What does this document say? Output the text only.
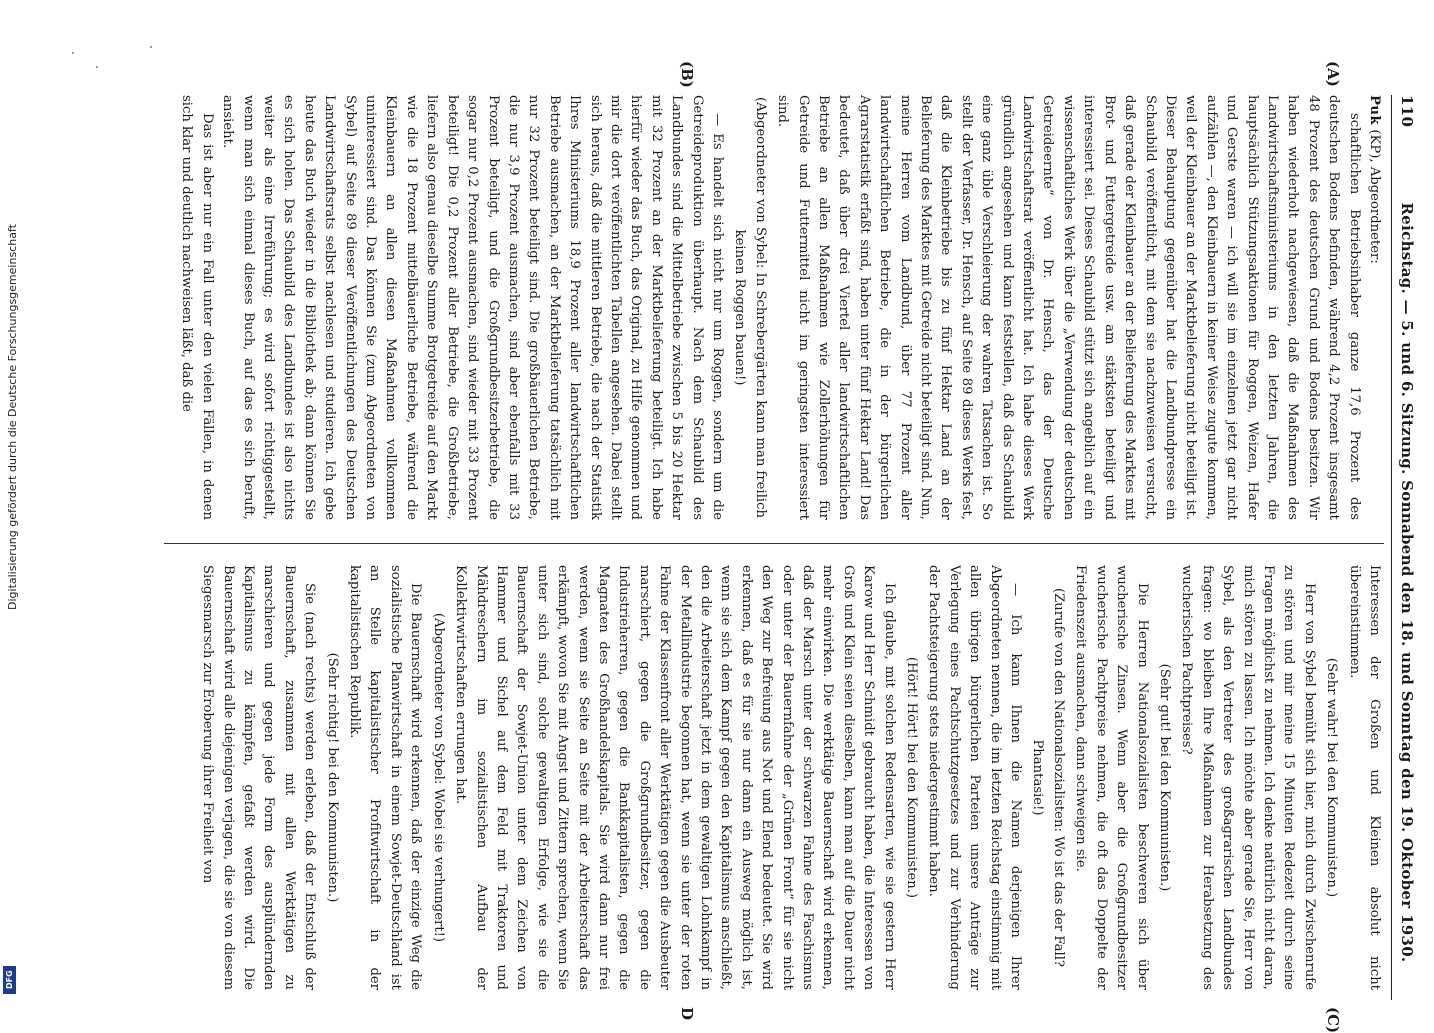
110
Reichstag. — 5. und 6. Sitzung. Sonnabend den 18. und Sonntag den 19. Oktober 1930.
(A)
(B)
(C)
D

Puk (KP), Abgeordneter:

schaftlichen Betriebsinhaber ganze 17,6 Prozent des deutschen Bodens befinden, während 4,2 Prozent insgesamt 48 Prozent des deutschen Grund und Bodens besitzen. Wir haben wiederholt nachgewiesen, daß die Maßnahmen des Landwirtschaftsministeriums in den letzten Jahren, die hauptsächlich Stützungsaktionen für Roggen, Weizen, Hafer und Gerste waren — ich will sie im einzelnen jetzt gar nicht aufzählen —, den Kleinbauern in keiner Weise zugute kommen, weil der Kleinbauer an der Marktbelieferung nicht beteiligt ist. Dieser Behauptung gegenüber hat die Landbundpresse ein Schaubild veröffentlicht, mit dem sie nachzuweisen versucht, daß gerade der Kleinbauer an der Belieferung des Marktes mit Brot- und Futtergetreide usw. am stärksten beteiligt und interessiert sei. Dieses Schaubild stützt sich angeblich auf ein wissenschaftliches Werk über die „Verwendung der deutschen Getreideernte“ von Dr. Hensch, das der Deutsche Landwirtschaftsrat veröffentlicht hat. Ich habe dieses Werk gründlich angesehen und kann feststellen, daß das Schaubild eine ganz üble Verschleierung der wahren Tatsachen ist. So stellt der Verfasser, Dr. Hensch, auf Seite 89 dieses Werks fest, daß die Kleinbetriebe bis zu fünf Hektar Land an der Belieferung des Marktes mit Getreide nicht beteiligt sind. Nun, meine Herren vom Landbund, über 77 Prozent aller landwirtschaftlichen Betriebe, die in der bürgerlichen Agrarstatistik erfaßt sind, haben unter fünf Hektar Land! Das bedeutet, daß über drei Viertel aller landwirtschaftlichen Betriebe an allen Maßnahmen wie Zollerhöhungen für Getreide und Futtermittel nicht im geringsten interessiert sind.

(Abgeordneter von Sybel: In Schrebergärten kann man freilich keinen Roggen bauen!)

— Es handelt sich nicht nur um Roggen, sondern um die Getreideproduktion überhaupt. Nach dem Schaubild des Landbundes sind die Mittelbetriebe zwischen 5 bis 20 Hektar mit 32 Prozent an der Marktbelieferung beteiligt. Ich habe hierfür wieder das Buch, das Original, zu Hilfe genommen und mir die dort veröffentlichten Tabellen angesehen. Dabei stellt sich heraus, daß die mittleren Betriebe, die nach der Statistik Ihres Ministeriums 18,9 Prozent aller landwirtschaftlichen Betriebe ausmachen, an der Marktbelieferung tatsächlich mit nur 32 Prozent beteiligt sind. Die großbäuerlichen Betriebe, die nur 3,9 Prozent ausmachen, sind aber ebenfalls mit 33 Prozent beteiligt, und die Großgrundbesitzerbetriebe, die sogar nur 0,2 Prozent ausmachen, sind wieder mit 33 Prozent beteiligt! Die 0,2 Prozent aller Betriebe, die Großbetriebe, liefern also genau dieselbe Summe Brotgetreide auf den Markt wie die 18 Prozent mittelbäuerliche Betriebe, während die Kleinbauern an allen diesen Maßnahmen vollkommen uninteressiert sind. Das können Sie (zum Abgeordneten von Sybel) auf Seite 89 dieser Veröffentlichungen des Deutschen Landwirtschaftsrats selbst nachlesen und studieren. Ich gebe heute das Buch wieder in die Bibliothek ab; dann können Sie es sich holen. Das Schaubild des Landbundes ist also nichts weiter als eine Irreführung; es wird sofort richtiggestellt, wenn man sich einmal dieses Buch, auf das es sich beruft, ansieht.

Das ist aber nur ein Fall unter den vielen Fällen, in denen sich klar und deutlich nachweisen läßt, daß die

Interessen der Großen und Kleinen absolut nicht übereinstimmen.

(Sehr wahr! bei den Kommunisten.)

Herr von Sybel bemüht sich hier, mich durch Zwischenrufe zu stören und mir meine 15 Minuten Redezeit durch seine Fragen möglichst zu nehmen. Ich denke natürlich nicht daran, mich stören zu lassen. Ich möchte aber gerade Sie, Herr von Sybel, als den Vertreter des großagrarischen Landbundes fragen: wo bleiben Ihre Maßnahmen zur Herabsetzung des wucherischen Pachtpreises?

(Sehr gut! bei den Kommunisten.)

Die Herren Nationalsozialisten beschweren sich über wucherische Zinsen. Wenn aber die Großgrundbesitzer wucherische Pachtpreise nehmen, die oft das Doppelte der Friedenszeit ausmachen, dann schweigen sie.

(Zurufe von den Nationalsozialisten: Wo ist das der Fall? Phantasie!)

— Ich kann Ihnen die Namen derjenigen Ihrer Abgeordneten nennen, die im letzten Reichstag einstimmig mit allen übrigen bürgerlichen Parteien unsere Anträge zur Verlegung eines Pachtschutzgesetzes und zur Verhinderung der Pachtsteigerung stets niedergestimmt haben.

(Hört! Hört! bei den Kommunisten.)

Ich glaube, mit solchen Redensarten, wie sie gestern Herr Karow und Herr Schmidt gebraucht haben, die Interessen von Groß und Klein seien dieselben, kann man auf die Dauer nicht mehr einwirken. Die werktätige Bauernschaft wird erkennen, daß der Marsch unter der schwarzen Fahne des Faschismus oder unter der Bauernfahne der „Grünen Front“ für sie nicht den Weg zur Befreiung aus Not und Elend bedeutet. Sie wird erkennen, daß es für sie nur dann ein Ausweg möglich ist, wenn sie sich dem Kampf gegen den Kapitalismus anschließt, den die Arbeiterschaft jetzt in dem gewaltigen Lohnkampf in der Metallindustrie begonnen hat, wenn sie unter der roten Fahne der Klassenfront aller Werktätigen gegen die Ausbeuter marschiert, gegen die Großgrundbesitzer, gegen die Industrieherren, gegen die Bankkapitalisten, gegen die Magnaten des Großhandelskapitals. Sie wird dann nur frei werden, wenn sie Seite an Seite mit der Arbeiterschaft das erkämpft, wovon Sie mit Angst und Zittern sprechen, wenn Sie unter sich sind, solche gewaltigen Erfolge, wie sie die Bauernschaft der Sowjet-Union unter dem Zeichen von Hammer und Sichel auf dem Feld mit Traktoren und Mähdreschern im sozialistischen Aufbau der Kollektivwirtschaften errungen hat.

(Abgeordneter von Sybel: Wobei sie verhungert!)

Die Bauernschaft wird erkennen, daß der einzige Weg die sozialistische Planwirtschaft in einem Sowjet-Deutschland ist an Stelle kapitalistischer Profitwirtschaft in der kapitalistischen Republik.

(Sehr richtig! bei den Kommunisten.)

Sie (nach rechts) werden erleben, daß der Entschluß der Bauernschaft, zusammen mit allen Werktätigen zu marschieren und gegen jede Form des ausplündernden Kapitalismus zu kämpfen, gefaßt werden wird. Die Bauernschaft wird alle diejenigen verjagen, die sie von diesem Siegesmarsch zur Eroberung ihrer Freiheit von

Digitalisierung gefördert durch die Deutsche Forschungsgemeinschaft
DFG
